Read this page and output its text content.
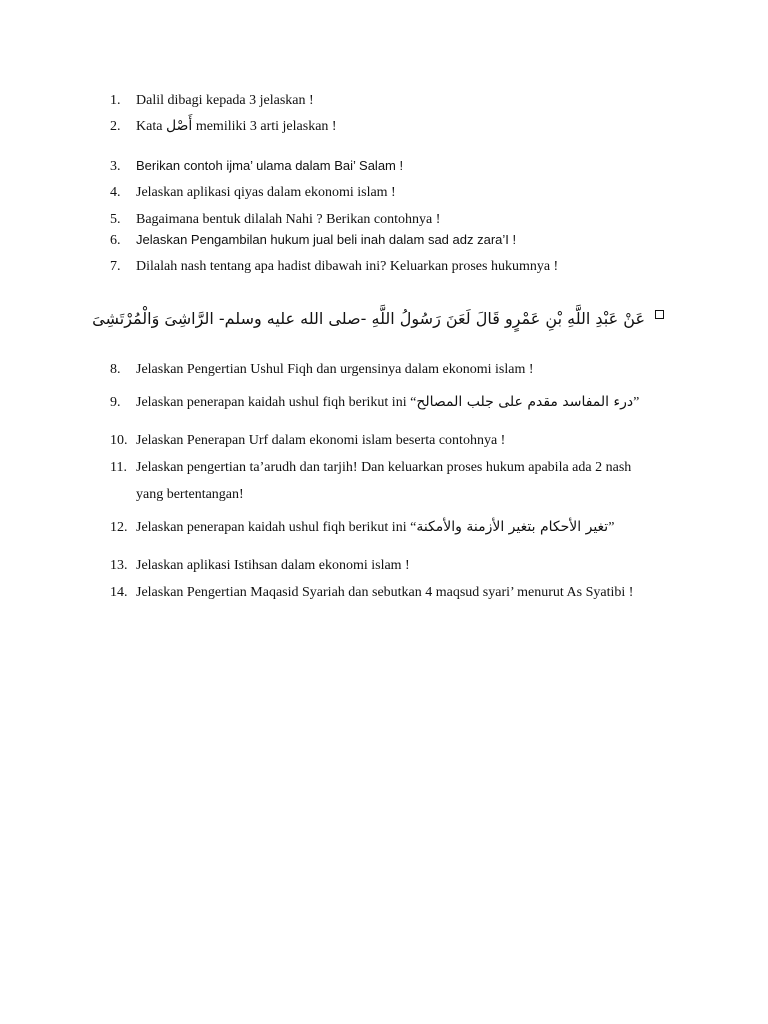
1. Dalil dibagi kepada 3 jelaskan !
2. Kata أَصْل memiliki 3 arti jelaskan !
3. Berikan contoh ijma’ ulama dalam Bai’ Salam !
4. Jelaskan aplikasi qiyas dalam ekonomi islam !
5. Bagaimana bentuk dilalah Nahi ? Berikan contohnya !
6. Jelaskan Pengambilan hukum jual beli inah dalam sad adz zara’I !
7. Dilalah nash tentang apa hadist dibawah ini? Keluarkan proses hukumnya !
عَنْ عَبْدِ اللَّهِ بْنِ عَمْرٍو قَالَ لَعَنَ رَسُولُ اللَّهِ -صلى الله عليه وسلم- الرَّاشِىَ وَالْمُرْتَشِىَ
8. Jelaskan Pengertian Ushul Fiqh dan urgensinya dalam ekonomi islam !
9. Jelaskan penerapan kaidah ushul fiqh berikut ini “درء المفاسد مقدم على جلب المصالح”
10. Jelaskan Penerapan Urf dalam ekonomi islam beserta contohnya !
11. Jelaskan pengertian ta’arudh dan tarjih! Dan keluarkan proses hukum apabila ada 2 nash
yang bertentangan!
12. Jelaskan penerapan kaidah ushul fiqh berikut ini “تغير الأحكام بتغير الأزمنة والأمكنة”
13. Jelaskan aplikasi Istihsan dalam ekonomi islam !
14. Jelaskan Pengertian Maqasid Syariah dan sebutkan 4 maqsud syari’ menurut As Syatibi !
